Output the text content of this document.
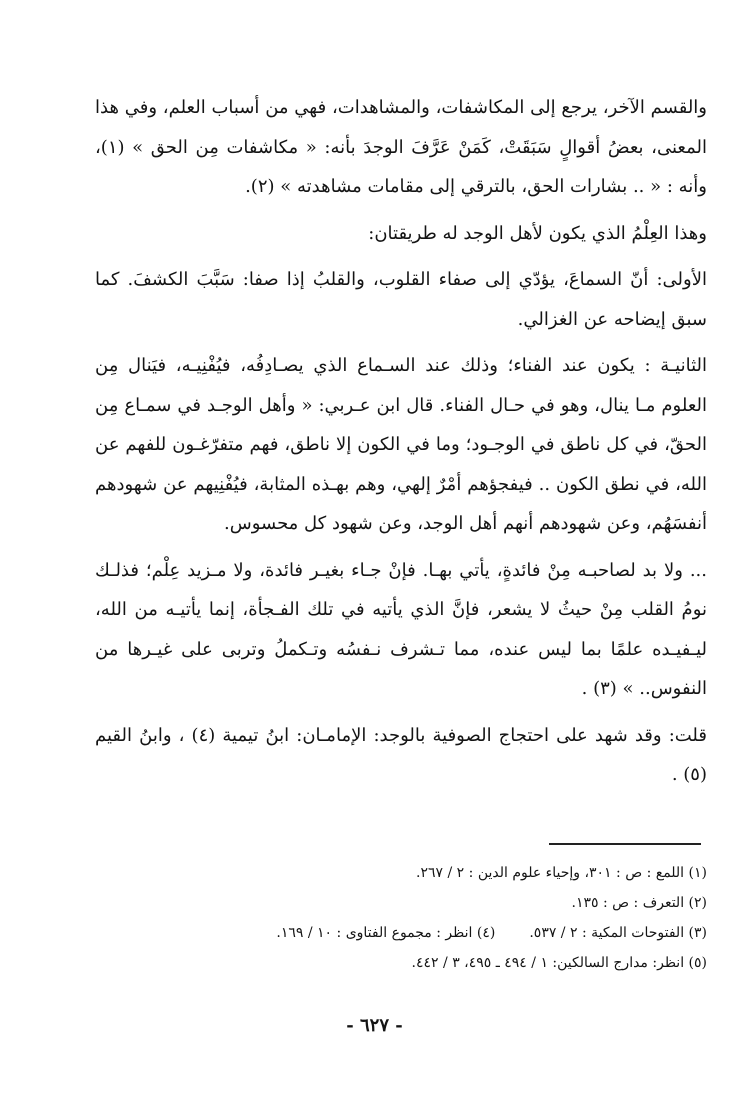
والقسم الآخر، يرجع إلى المكاشفات، والمشاهدات، فهي من أسباب العلم، وفي هذا المعنى، بعضُ أقوالٍ سَبَقَتْ، كَمَنْ عَرَّفَ الوجدَ بأنه: « مكاشفات مِن الحق » (١)، وأنه : « .. بشارات الحق، بالترقي إلى مقامات مشاهدته » (٢).

وهذا العِلْمُ الذي يكون لأهل الوجد له طريقتان:

الأولى: أنّ السماعَ، يؤدّي إلى صفاء القلوب، والقلبُ إذا صفا: سَبَّبَ الكشفَ. كما سبق إيضاحه عن الغزالي.

الثانيـة : يكون عند الفناء؛ وذلك عند السـماع الذي يصـادِفُه، فيُفْنِيـه، فيَنال مِن العلوم مـا ينال، وهو في حـال الفناء. قال ابن عـربي: « وأهل الوجـد في سمـاع مِن الحقّ، في كل ناطق في الوجـود؛ وما في الكون إلا ناطق، فهم متفرّغـون للفهم عن الله، في نطق الكون .. فيفجؤهم أمْرٌ إلهي، وهم بهـذه المثابة، فيُفْنِيهم عن شهودهم أنفسَهُم، وعن شهودهم أنهم أهل الوجد، وعن شهود كل محسوس.

... ولا بد لصاحبـه مِنْ فائدةٍ، يأتي بهـا. فإنْ جـاء بغيـر فائدة، ولا مـزيد عِلْم؛ فذلـك نومُ القلب مِنْ حيثُ لا يشعر، فإنَّ الذي يأتيه في تلك الفـجأة، إنما يأتيـه من الله، ليـفيـده علمًا بما ليس عنده، مما تـشرف نـفسُه وتـكملُ وتربى على غيـرها من النفوس.. » (٣) .

قلت: وقد شهد على احتجاج الصوفية بالوجد: الإمامـان: ابنُ تيمية (٤) ، وابنُ القيم (٥) .

(١) اللمع : ص : ٣٠١، وإحياء علوم الدين : ٢ / ٢٦٧.

(٢) التعرف : ص : ١٣٥.

(٣) الفتوحات المكية : ٢ / ٥٣٧.

(٤) انظر : مجموع الفتاوى : ١٠ / ١٦٩.

(٥) انظر: مدارج السالكين: ١ / ٤٩٤ ـ ٤٩٥، ٣ / ٤٤٢.

- ٦٢٧ -
